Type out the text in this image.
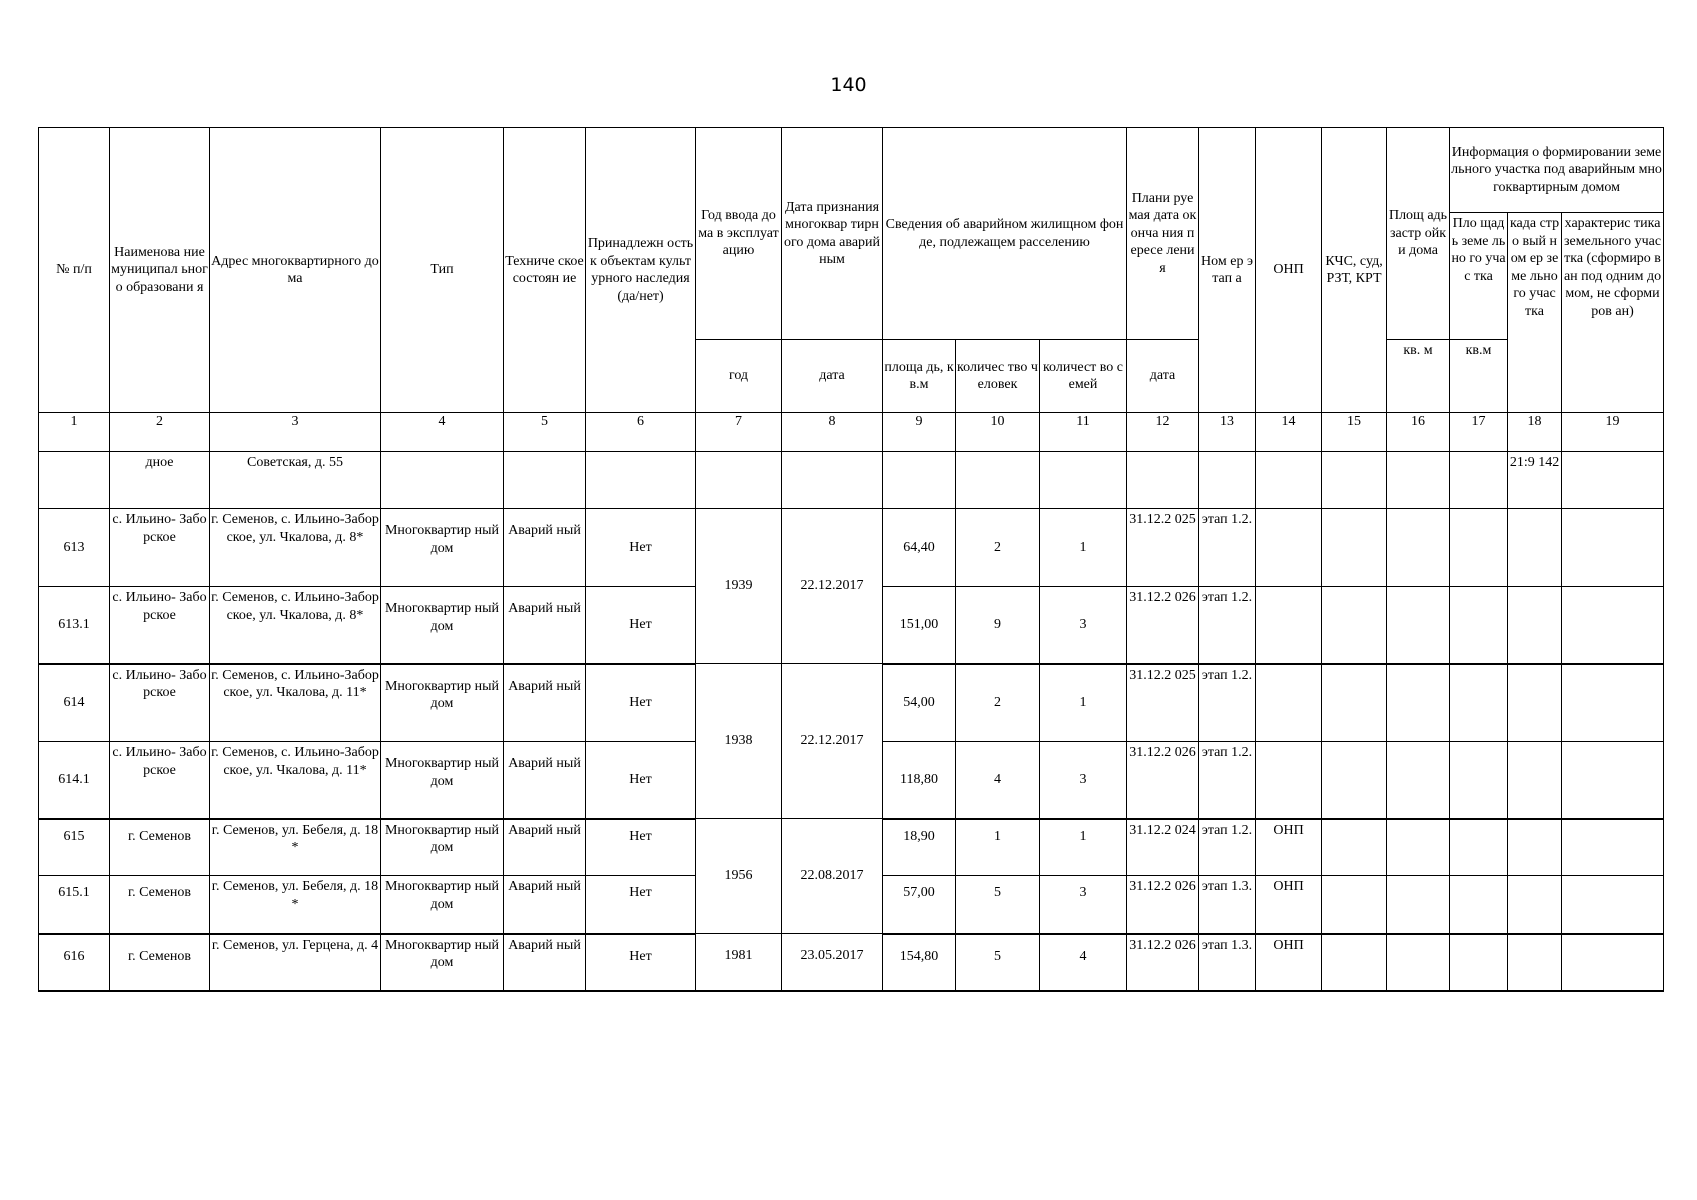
140
№ п/п	Наименова ние муниципал ьного образовани я	Адрес многоквартирного дома	Тип	Техниче ское состоян ие	Принадлежн ость к объектам культурного наследия (да/нет)	Год ввода дома в эксплуат ацию	Дата признания многоквар тирного дома аварийным	Сведения об аварийном жилищном фонде, подлежащем расселению			Плани руемая дата оконча ния пересе ления	Ном ер этап а	ОНП	КЧС, суд, РЗТ, КРТ	Площ адь застр ойки дома	Информация о формировании земельного участка под аварийным многоквартирным домом		
																Пло щадь земе льно го учас тка	када стро вый ном ер земе льно го учас тка	характерис тика земельного участка (сформиро ван под одним домом, не сформиров ан)
						год	дата	площа дь, кв.м	количес тво человек	количест во семей	дата				кв. м	кв.м		
1	2	3	4	5	6	7	8	9	10	11	12	13	14	15	16	17	18	19
	дное	Советская, д. 55															21:9 142	
613	с. Ильино- Заборское	г. Семенов, с. Ильино-Заборское, ул. Чкалова, д. 8*	Многоквартир ный дом	Аварий ный	Нет	1939	22.12.2017	64,40	2	1	31.12.2 025	этап 1.2.						
613.1	с. Ильино- Заборское	г. Семенов, с. Ильино-Заборское, ул. Чкалова, д. 8*	Многоквартир ный дом	Аварий ный	Нет			151,00	9	3	31.12.2 026	этап 1.2.						
614	с. Ильино- Заборское	г. Семенов, с. Ильино-Заборское, ул. Чкалова, д. 11*	Многоквартир ный дом	Аварий ный	Нет	1938	22.12.2017	54,00	2	1	31.12.2 025	этап 1.2.						
614.1	с. Ильино- Заборское	г. Семенов, с. Ильино-Заборское, ул. Чкалова, д. 11*	Многоквартир ный дом	Аварий ный	Нет			118,80	4	3	31.12.2 026	этап 1.2.						
615	г. Семенов	г. Семенов, ул. Бебеля, д. 18*	Многоквартир ный дом	Аварий ный	Нет	1956	22.08.2017	18,90	1	1	31.12.2 024	этап 1.2.	ОНП					
615.1	г. Семенов	г. Семенов, ул. Бебеля, д. 18*	Многоквартир ный дом	Аварий ный	Нет			57,00	5	3	31.12.2 026	этап 1.3.	ОНП					
616	г. Семенов	г. Семенов, ул. Герцена, д. 4	Многоквартир ный дом	Аварий ный	Нет	1981	23.05.2017	154,80	5	4	31.12.2 026	этап 1.3.	ОНП					
